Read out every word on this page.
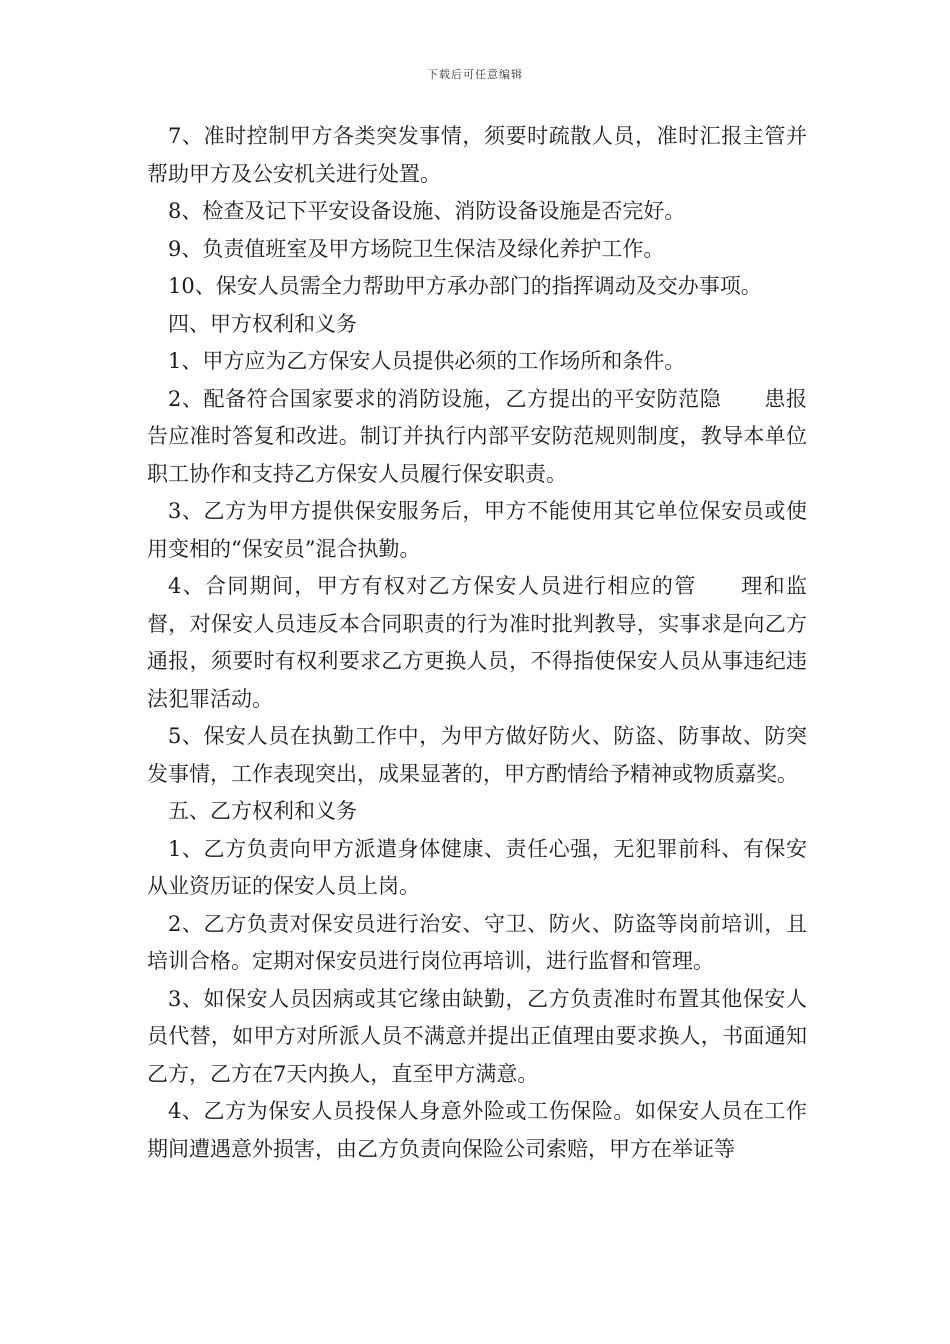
下载后可任意编辑

7、准时控制甲方各类突发事情，须要时疏散人员，准时汇报主管并帮助甲方及公安机关进行处置。

8、检查及记下平安设备设施、消防设备设施是否完好。

9、负责值班室及甲方场院卫生保洁及绿化养护工作。

10、保安人员需全力帮助甲方承办部门的指挥调动及交办事项。

四、甲方权利和义务

1、甲方应为乙方保安人员提供必须的工作场所和条件。

2、配备符合国家要求的消防设施，乙方提出的平安防范隐　　患报告应准时答复和改进。制订并执行内部平安防范规则制度，教导本单位职工协作和支持乙方保安人员履行保安职责。

3、乙方为甲方提供保安服务后，甲方不能使用其它单位保安员或使用变相的“保安员”混合执勤。

4、合同期间，甲方有权对乙方保安人员进行相应的管　　理和监督，对保安人员违反本合同职责的行为准时批判教导，实事求是向乙方通报，须要时有权利要求乙方更换人员，不得指使保安人员从事违纪违法犯罪活动。

5、保安人员在执勤工作中，为甲方做好防火、防盗、防事故、防突发事情，工作表现突出，成果显著的，甲方酌情给予精神或物质嘉奖。

五、乙方权利和义务

1、乙方负责向甲方派遣身体健康、责任心强，无犯罪前科、有保安从业资历证的保安人员上岗。

2、乙方负责对保安员进行治安、守卫、防火、防盗等岗前培训，且培训合格。定期对保安员进行岗位再培训，进行监督和管理。

3、如保安人员因病或其它缘由缺勤，乙方负责准时布置其他保安人员代替，如甲方对所派人员不满意并提出正值理由要求换人，书面通知乙方，乙方在7天内换人，直至甲方满意。

4、乙方为保安人员投保人身意外险或工伤保险。如保安人员在工作期间遭遇意外损害，由乙方负责向保险公司索赔，甲方在举证等
